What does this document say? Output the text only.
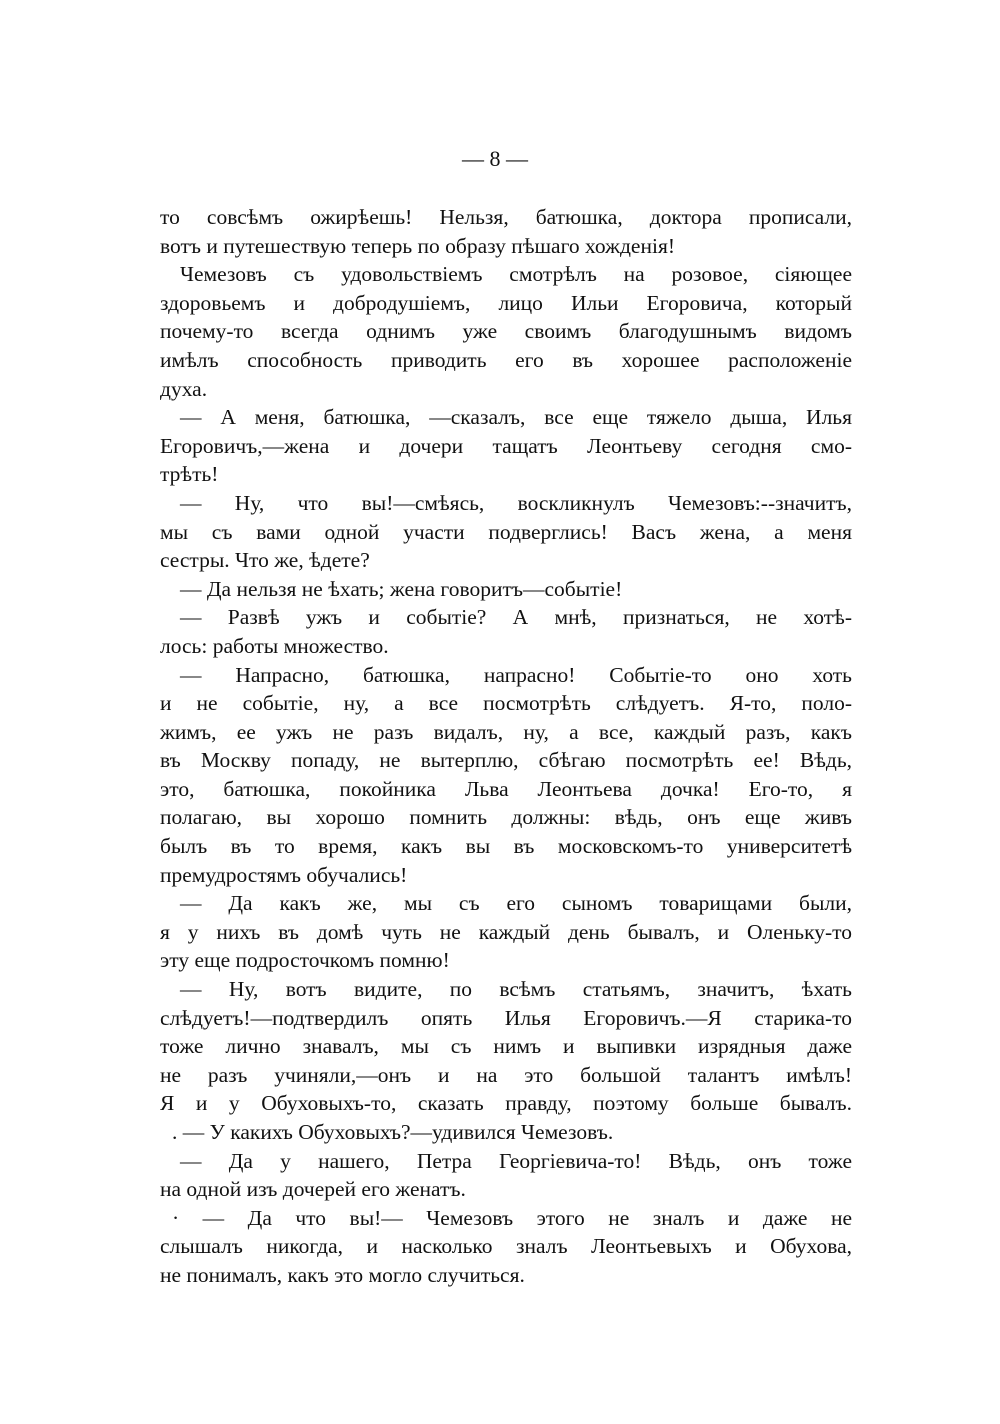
— 8 —
то совсѣмъ ожирѣешь! Нельзя, батюшка, доктора прописали,
вотъ и путешествую теперь по образу пѣшаго хожденія!
Чемезовъ съ удовольствіемъ смотрѣлъ на розовое, сіяющее
здоровьемъ и добродушіемъ, лицо Ильи Егоровича, который
почему-то всегда однимъ уже своимъ благодушнымъ видомъ
имѣлъ способность приводить его въ хорошее расположеніе
духа.
— А меня, батюшка, —сказалъ, все еще тяжело дыша, Илья
Егоровичъ,—жена и дочери тащатъ Леонтьеву сегодня смо-
трѣть!
— Ну, что вы!—смѣясь, воскликнулъ Чемезовъ:--значитъ,
мы съ вами одной участи подверглись! Васъ жена, а меня
сестры. Что же, ѣдете?
— Да нельзя не ѣхать; жена говоритъ—событіе!
— Развѣ ужъ и событіе? А мнѣ, признаться, не хотѣ-
лось: работы множество.
— Напрасно, батюшка, напрасно! Событіе-то оно хоть
и не событіе, ну, а все посмотрѣть слѣдуетъ. Я-то, поло-
жимъ, ее ужъ не разъ видалъ, ну, а все, каждый разъ, какъ
въ Москву попаду, не вытерплю, сбѣгаю посмотрѣть ее! Вѣдь,
это, батюшка, покойника Льва Леонтьева дочка! Его-то, я
полагаю, вы хорошо помнить должны: вѣдь, онъ еще живъ
былъ въ то время, какъ вы въ московскомъ-то университетѣ
премудростямъ обучались!
— Да какъ же, мы съ его сыномъ товарищами были,
я у нихъ въ домѣ чуть не каждый день бывалъ, и Оленьку-то
эту еще подросточкомъ помню!
— Ну, вотъ видите, по всѣмъ статьямъ, значитъ, ѣхать
слѣдуетъ!—подтвердилъ опять Илья Егоровичъ.—Я старика-то
тоже лично знавалъ, мы съ нимъ и выпивки изрядныя даже
не разъ учиняли,—онъ и на это большой талантъ имѣлъ!
Я и у Обуховыхъ-то, сказать правду, поэтому больше бывалъ.
. — У какихъ Обуховыхъ?—удивился Чемезовъ.
— Да у нашего, Петра Георгіевича-то! Вѣдь, онъ тоже
на одной изъ дочерей его женатъ.
· — Да что вы!— Чемезовъ этого не зналъ и даже не
слышалъ никогда, и насколько зналъ Леонтьевыхъ и Обухова,
не понималъ, какъ это могло случиться.
